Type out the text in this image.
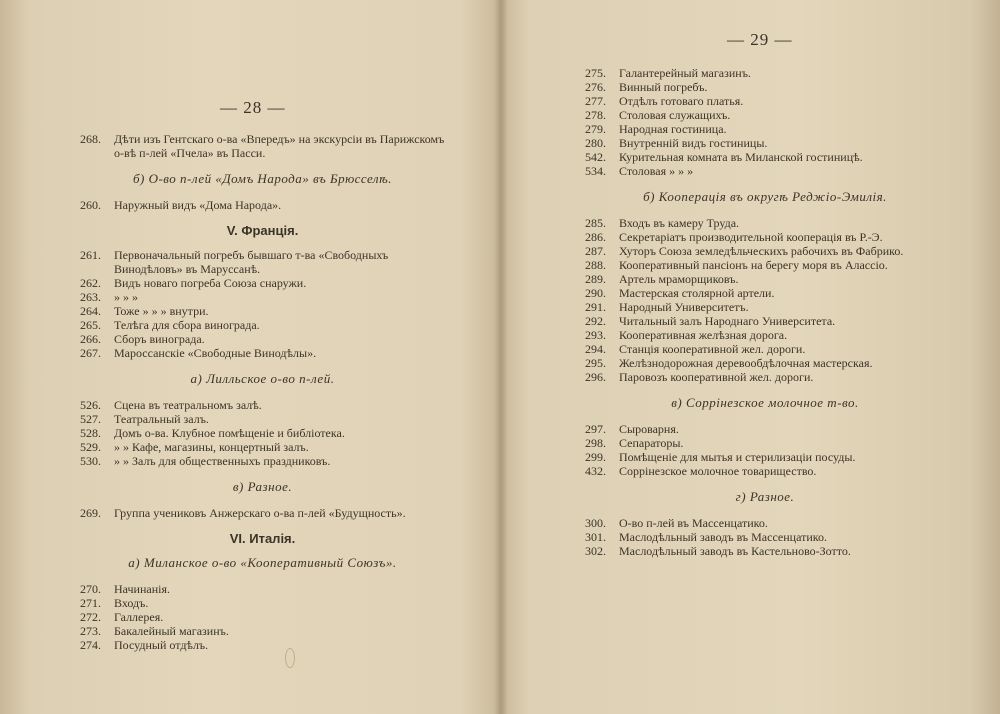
— 28 —
268.	Дѣти изъ Гентскаго о-ва «Впередъ» на экскурсіи въ Парижскомъ о-вѣ п-лей «Пчела» въ Пасси.
б) О-во п-лей «Домъ Народа» въ Брюсселѣ.
260.	Наружный видъ «Дома Народа».
V. Франція.
261.	Первоначальный погребъ бывшаго т-ва «Свободныхъ Винодѣловъ» въ Маруссанѣ.
262.	Видъ новаго погреба Союза снаружи.
263.	» » »
264.	Тоже » » » внутри.
265.	Телѣга для сбора винограда.
266.	Сборъ винограда.
267.	Мароссанскіе «Свободные Винодѣлы».
а) Лилльское о-во п-лей.
526.	Сцена въ театральномъ залѣ.
527.	Театральный залъ.
528.	Домъ о-ва. Клубное помѣщеніе и библіотека.
529.	» » Кафе, магазины, концертный залъ.
530.	» » Залъ для общественныхъ праздниковъ.
в) Разное.
269.	Группа учениковъ Анжерскаго о-ва п-лей «Будущность».
VI. Италія.
а) Миланское о-во «Кооперативный Союзъ».
270.	Начинанія.
271.	Входъ.
272.	Галлерея.
273.	Бакалейный магазинъ.
274.	Посудный отдѣлъ.
— 29 —
275.	Галантерейный магазинъ.
276.	Винный погребъ.
277.	Отдѣлъ готоваго платья.
278.	Столовая служащихъ.
279.	Народная гостиница.
280.	Внутренній видъ гостиницы.
542.	Курительная комната въ Миланской гостиницѣ.
534.	Столовая » » »
б) Кооперація въ округѣ Реджіо-Эмилія.
285.	Входъ въ камеру Труда.
286.	Секретаріатъ производительной кооперація въ Р.-Э.
287.	Хуторъ Союза земледѣльческихъ рабочихъ въ Фабрико.
288.	Кооперативный пансіонъ на берегу моря въ Алассіо.
289.	Артель мраморщиковъ.
290.	Мастерская столярной артели.
291.	Народный Университетъ.
292.	Читальный залъ Народнаго Университета.
293.	Кооперативная желѣзная дорога.
294.	Станція кооперативной жел. дороги.
295.	Желѣзнодорожная деревообдѣлочная мастерская.
296.	Паровозъ кооперативной жел. дороги.
в) Соррінезское молочное т-во.
297.	Сыроварня.
298.	Сепараторы.
299.	Помѣщеніе для мытья и стерилизаціи посуды.
432.	Соррінезское молочное товарищество.
г) Разное.
300.	О-во п-лей въ Массенцатико.
301.	Маслодѣльный заводъ въ Массенцатико.
302.	Маслодѣльный заводъ въ Кастельново-Зотто.
